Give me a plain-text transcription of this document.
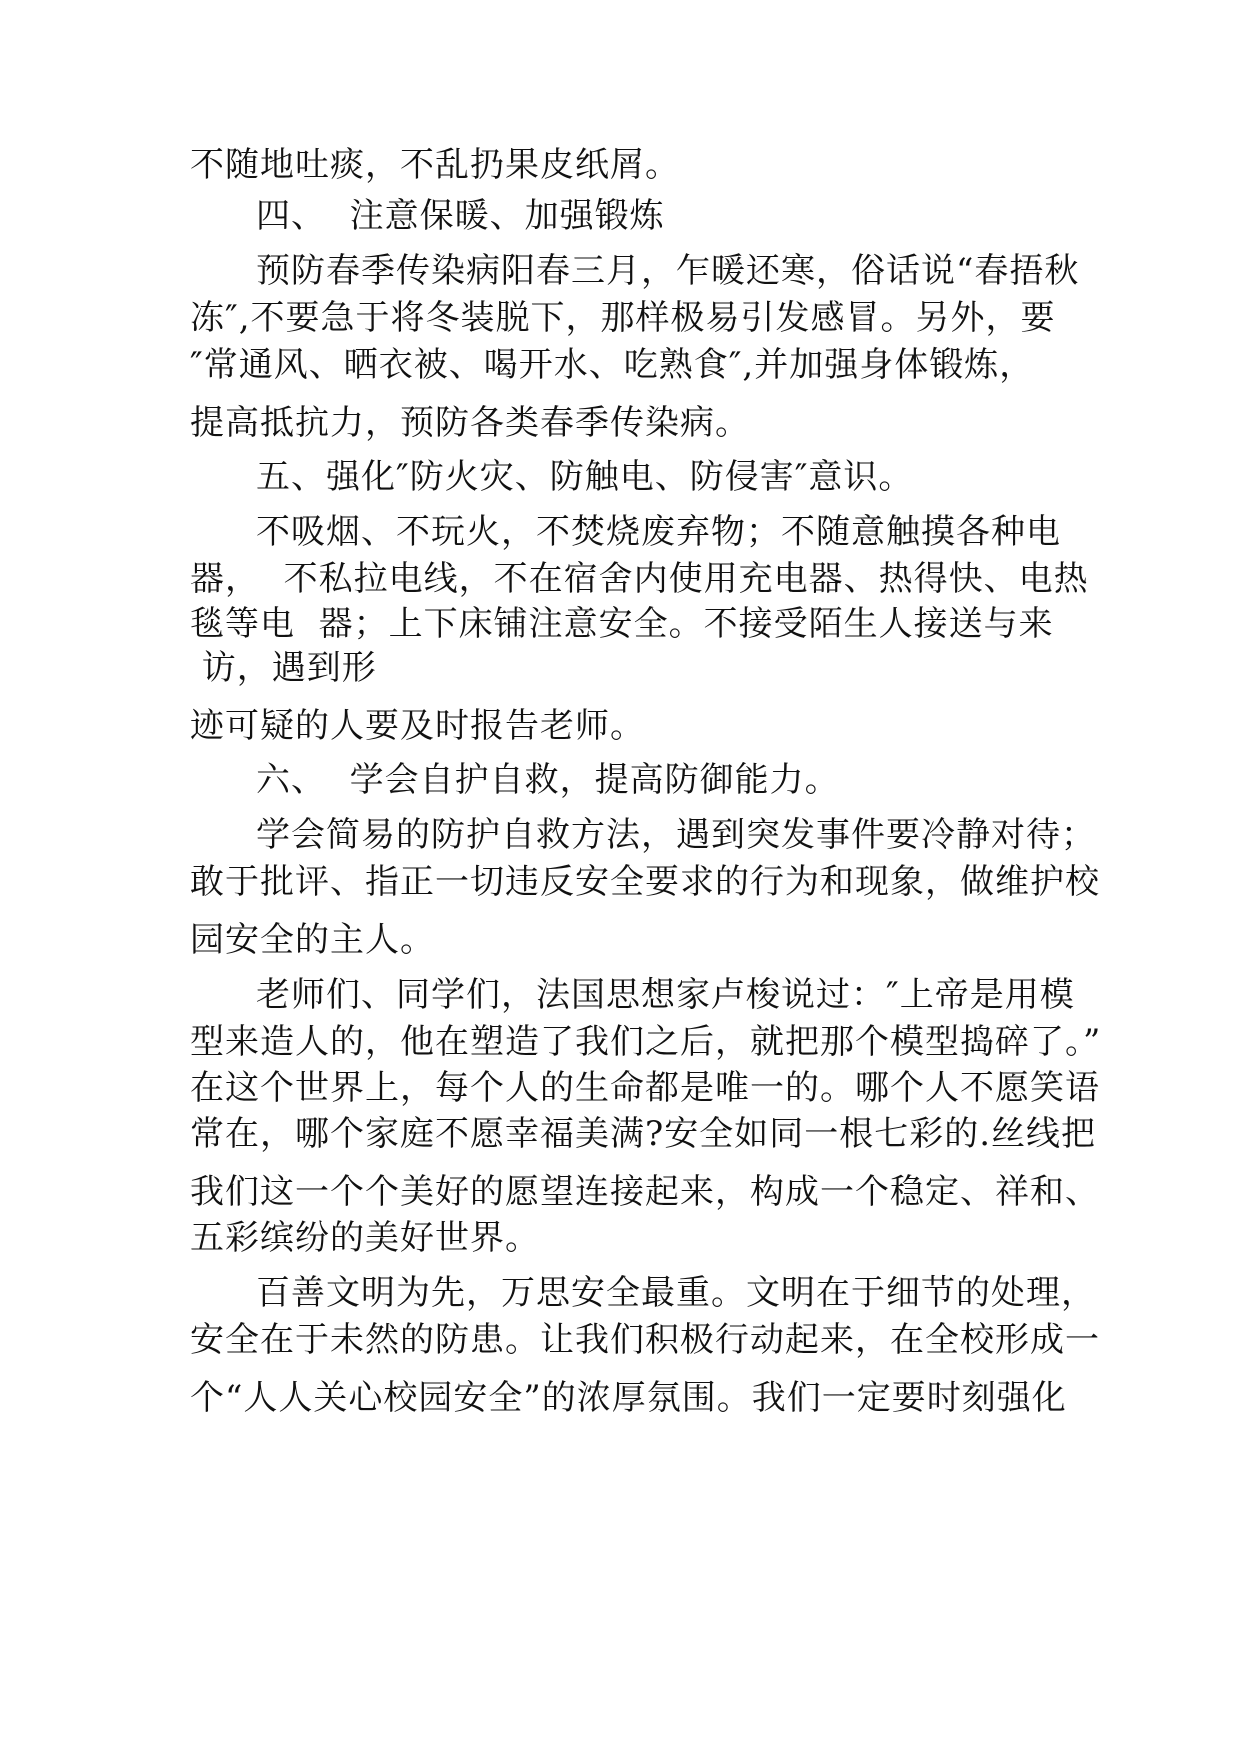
不随地吐痰，不乱扔果皮纸屑。
四、  注意保暖、加强锻炼
预防春季传染病阳春三月，乍暖还寒，俗话说“春捂秋
冻″,不要急于将冬装脱下，那样极易引发感冒。另外，要
″常通风、晒衣被、喝开水、吃熟食″,并加强身体锻炼，
提高抵抗力，预防各类春季传染病。
五、强化″防火灾、防触电、防侵害″意识。
不吸烟、不玩火，不焚烧废弃物；不随意触摸各种电
器，  不私拉电线，不在宿舍内使用充电器、热得快、电热
毯等电  器；上下床铺注意安全。不接受陌生人接送与来
访，遇到形
迹可疑的人要及时报告老师。
六、  学会自护自救，提高防御能力。
学会简易的防护自救方法，遇到突发事件要冷静对待；
敢于批评、指正一切违反安全要求的行为和现象，做维护校
园安全的主人。
老师们、同学们，法国思想家卢梭说过：″上帝是用模
型来造人的，他在塑造了我们之后，就把那个模型捣碎了。”
在这个世界上，每个人的生命都是唯一的。哪个人不愿笑语
常在，哪个家庭不愿幸福美满?安全如同一根七彩的.丝线把
我们这一个个美好的愿望连接起来，构成一个稳定、祥和、
五彩缤纷的美好世界。
百善文明为先，万思安全最重。文明在于细节的处理，
安全在于未然的防患。让我们积极行动起来，在全校形成一
个“人人关心校园安全”的浓厚氛围。我们一定要时刻强化
